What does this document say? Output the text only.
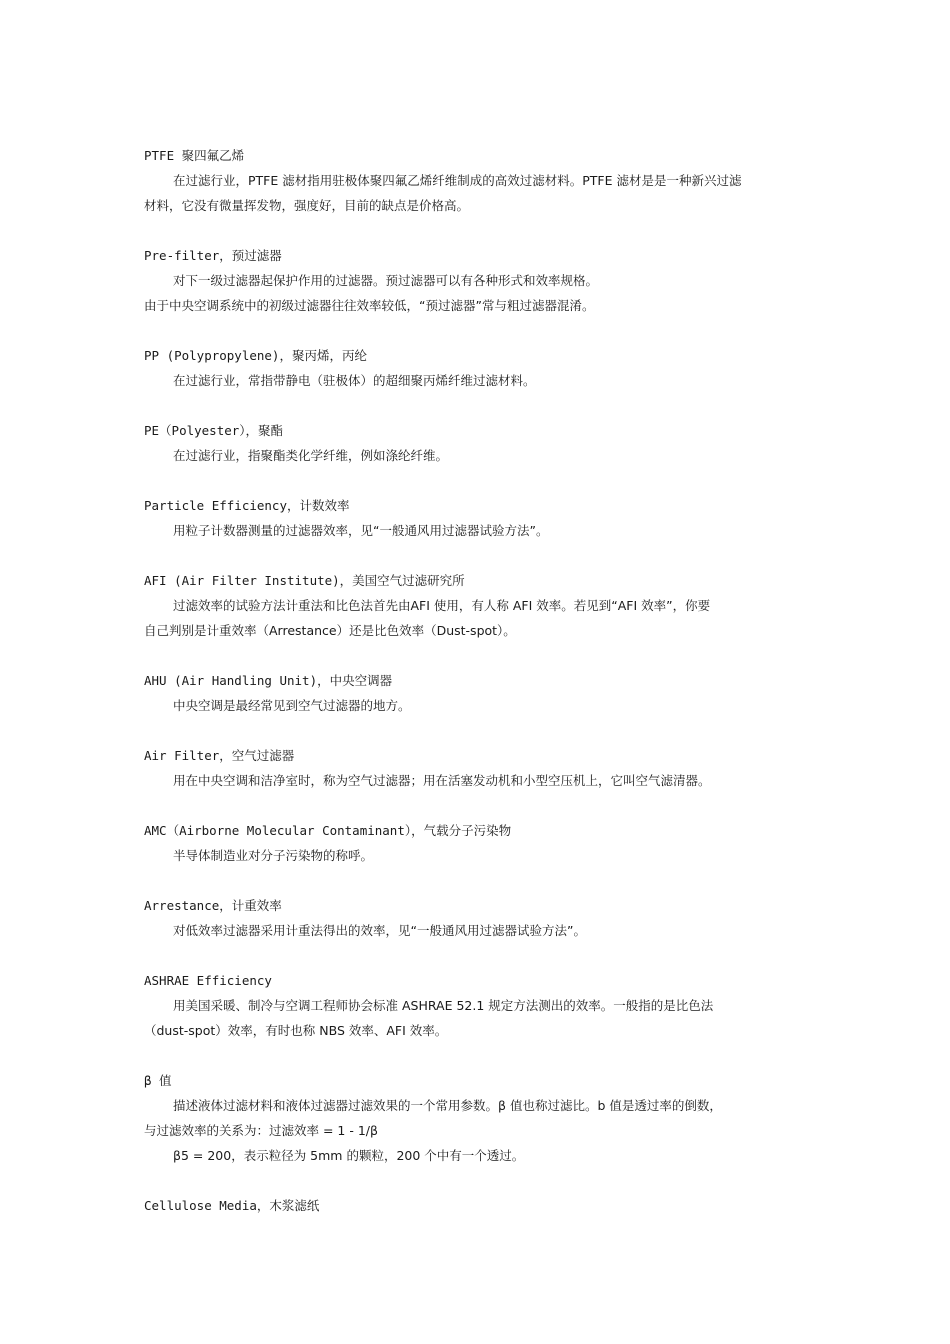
PTFE 聚四氟乙烯
在过滤行业，PTFE 滤材指用驻极体聚四氟乙烯纤维制成的高效过滤材料。PTFE 滤材是是一种新兴过滤
材料，它没有微量挥发物，强度好，目前的缺点是价格高。
Pre-filter，预过滤器
对下一级过滤器起保护作用的过滤器。预过滤器可以有各种形式和效率规格。
由于中央空调系统中的初级过滤器往往效率较低，“预过滤器”常与粗过滤器混淆。
PP (Polypropylene)，聚丙烯，丙纶
在过滤行业，常指带静电（驻极体）的超细聚丙烯纤维过滤材料。
PE（Polyester），聚酯
在过滤行业，指聚酯类化学纤维，例如涤纶纤维。
Particle Efficiency，计数效率
用粒子计数器测量的过滤器效率，见“一般通风用过滤器试验方法”。
AFI (Air Filter Institute)，美国空气过滤研究所
过滤效率的试验方法计重法和比色法首先由AFI 使用，有人称 AFI 效率。若见到“AFI 效率”，你要
自己判别是计重效率（Arrestance）还是比色效率（Dust-spot）。
AHU (Air Handling Unit)，中央空调器
中央空调是最经常见到空气过滤器的地方。
Air Filter，空气过滤器
用在中央空调和洁净室时，称为空气过滤器；用在活塞发动机和小型空压机上，它叫空气滤清器。
AMC（Airborne Molecular Contaminant），气载分子污染物
半导体制造业对分子污染物的称呼。
Arrestance，计重效率
对低效率过滤器采用计重法得出的效率，见“一般通风用过滤器试验方法”。
ASHRAE Efficiency
用美国采暖、制冷与空调工程师协会标准 ASHRAE 52.1 规定方法测出的效率。一般指的是比色法
（dust-spot）效率，有时也称 NBS 效率、AFI 效率。
β 值
描述液体过滤材料和液体过滤器过滤效果的一个常用参数。β 值也称过滤比。b 值是透过率的倒数，
与过滤效率的关系为：过滤效率 = 1 - 1/β
β5 = 200，表示粒径为 5mm 的颗粒，200 个中有一个透过。
Cellulose Media，木浆滤纸
